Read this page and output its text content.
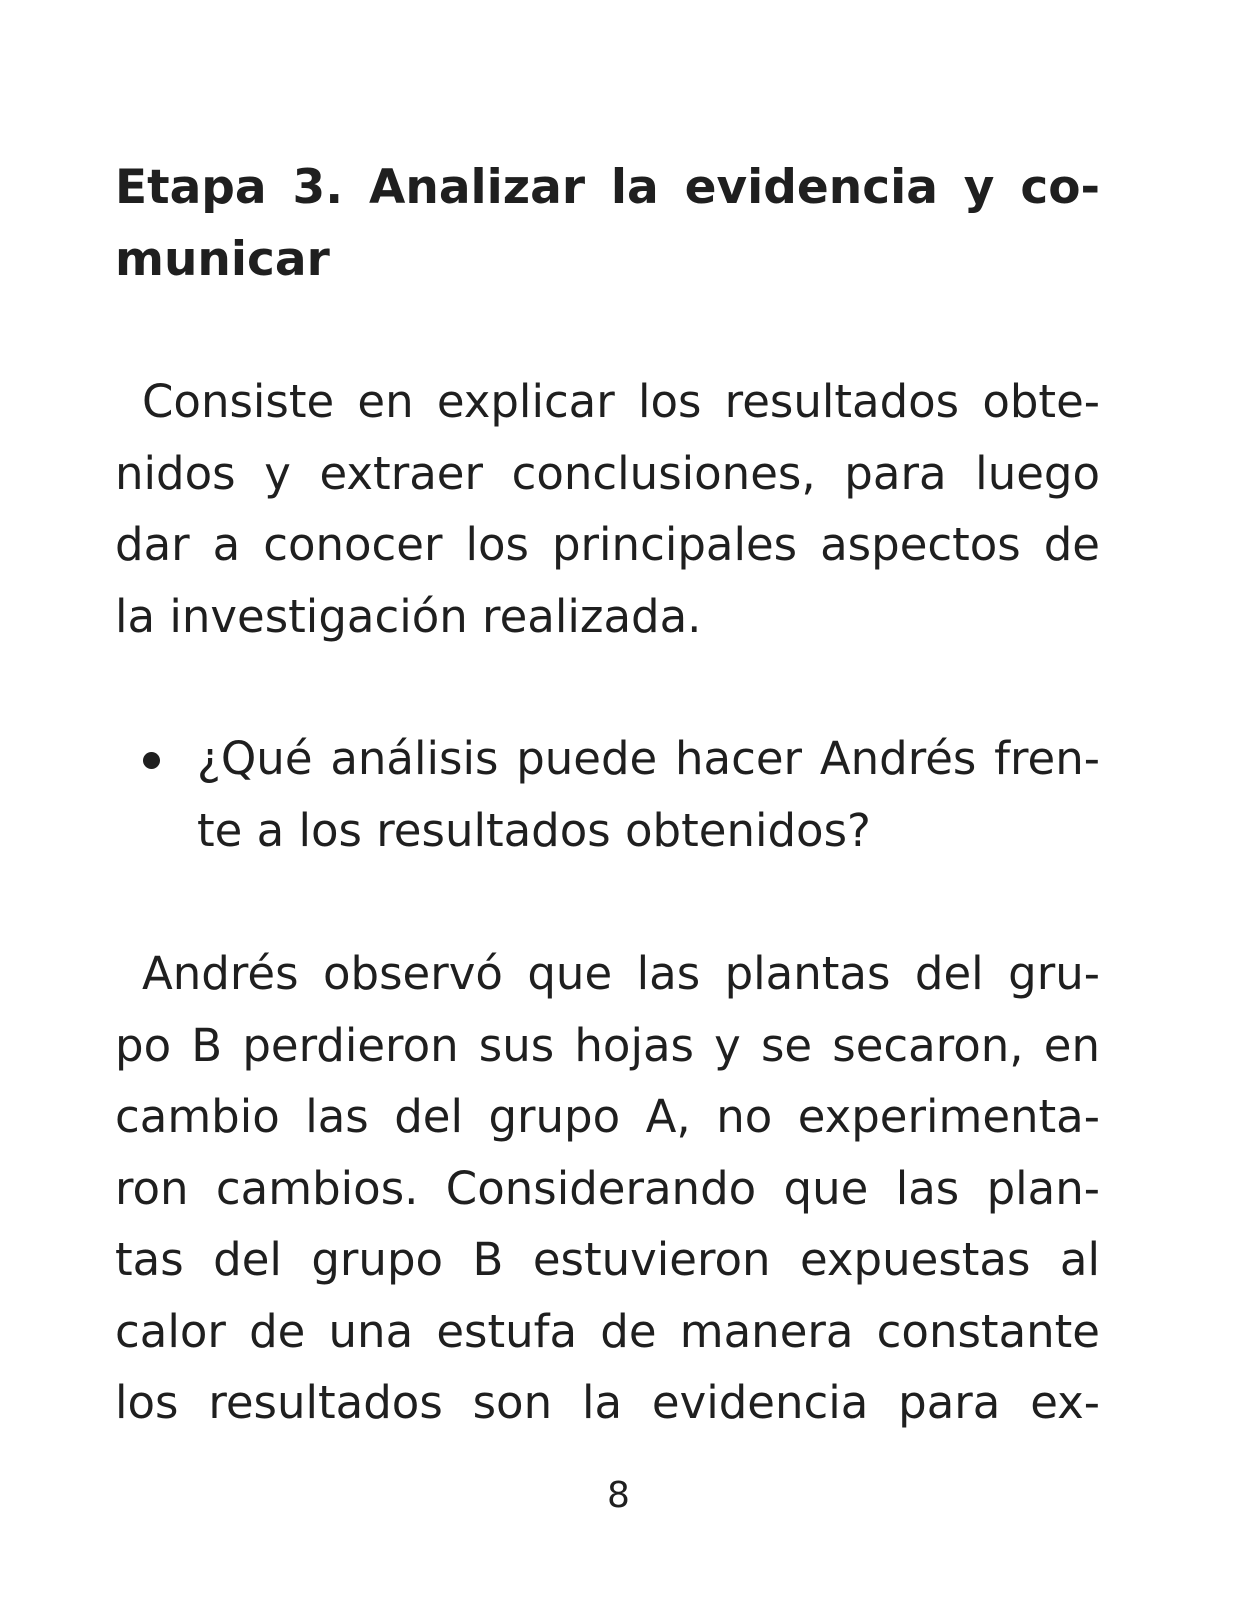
Etapa 3. Analizar la evidencia y co-
municar

Consiste en explicar los resultados obte-
nidos y extraer conclusiones, para luego
dar a conocer los principales aspectos de
la investigación realizada.

¿Qué análisis puede hacer Andrés fren-
te a los resultados obtenidos?

Andrés observó que las plantas del gru-
po B perdieron sus hojas y se secaron, en
cambio las del grupo A, no experimenta-
ron cambios. Considerando que las plan-
tas del grupo B estuvieron expuestas al
calor de una estufa de manera constante
los resultados son la evidencia para ex-

8
